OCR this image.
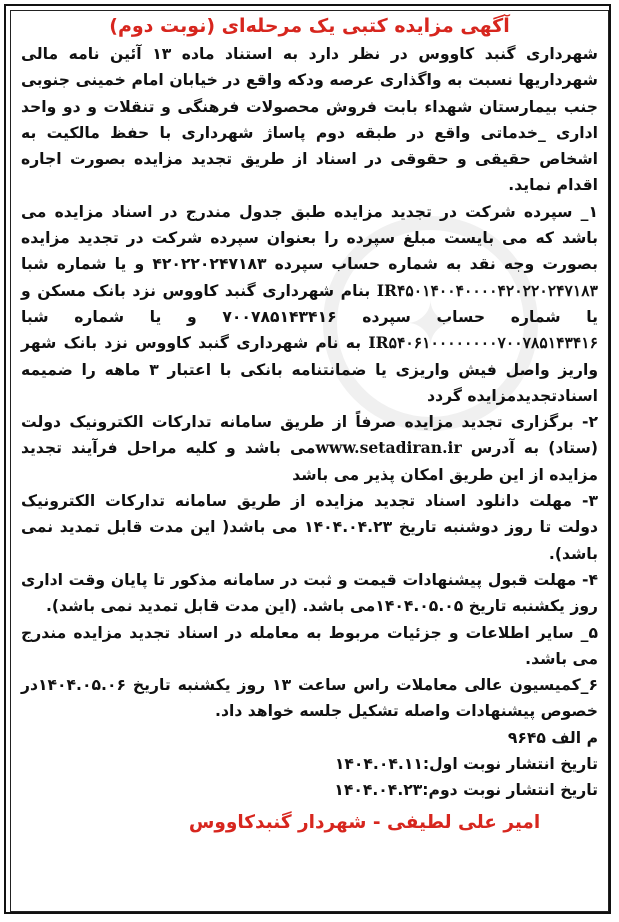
✦
آگهی مزایده کتبی یک مرحله‌ای (نوبت دوم)

شهرداری گنبد کاووس در نظر دارد به استناد ماده ۱۳ آئین نامه مالی شهرداریها نسبت به واگذاری عرصه ودکه واقع در خیابان امام خمینی جنوبی جنب بیمارستان شهداء بابت فروش محصولات فرهنگی و تنقلات و دو واحد اداری _خدماتی واقع در طبقه دوم پاساژ شهرداری با حفظ مالکیت به اشخاص حقیقی و حقوقی در اسناد از طریق تجدید مزایده بصورت اجاره اقدام نماید.

۱_ سپرده شرکت در تجدید مزایده طبق جدول مندرج در اسناد مزایده می باشد که می بایست مبلغ سپرده را بعنوان سپرده شرکت در تجدید مزایده بصورت وجه نقد به شماره حساب سپرده ۴۲۰۲۲۰۲۴۷۱۸۳ و یا شماره شبا IR۴۵۰۱۴۰۰۴۰۰۰۰۴۲۰۲۲۰۲۴۷۱۸۳ بنام شهرداری گنبد کاووس نزد بانک مسکن و یا شماره حساب سپرده ۷۰۰۷۸۵۱۴۳۴۱۶ و یا شماره شبا IR۵۴۰۶۱۰۰۰۰۰۰۰۰۷۰۰۷۸۵۱۴۳۴۱۶ به نام شهرداری گنبد کاووس نزد بانک شهر واریز واصل فیش واریزی یا ضمانتنامه بانکی با اعتبار ۳ ماهه را ضمیمه اسنادتجدیدمزایده گردد

۲- برگزاری تجدید مزایده صرفاً از طریق سامانه تدارکات الکترونیک دولت (ستاد) به آدرس www.setadiran.irمی باشد و کلیه مراحل فرآیند تجدید مزایده از این طریق امکان پذیر می باشد

۳- مهلت دانلود اسناد تجدید مزایده از طریق سامانه تدارکات الکترونیک دولت تا روز دوشنبه تاریخ ۱۴۰۴.۰۴.۲۳ می باشد( این مدت قابل تمدید نمی باشد).

۴- مهلت قبول پیشنهادات قیمت و ثبت در سامانه مذکور تا پایان وقت اداری روز یکشنبه تاریخ ۱۴۰۴.۰۵.۰۵می باشد. (این مدت قابل تمدید نمی باشد).

۵_ سایر اطلاعات و جزئیات مربوط به معامله در اسناد تجدید مزایده مندرج می باشد.

۶_کمیسیون عالی معاملات راس ساعت ۱۳ روز یکشنبه تاریخ ۱۴۰۴.۰۵.۰۶در خصوص پیشنهادات واصله تشکیل جلسه خواهد داد.

م الف ۹۶۴۵

تاریخ انتشار نوبت اول:۱۴۰۴.۰۴.۱۱

تاریخ انتشار نوبت دوم:۱۴۰۴.۰۴.۲۳

امیر علی لطیفی - شهردار گنبدکاووس
